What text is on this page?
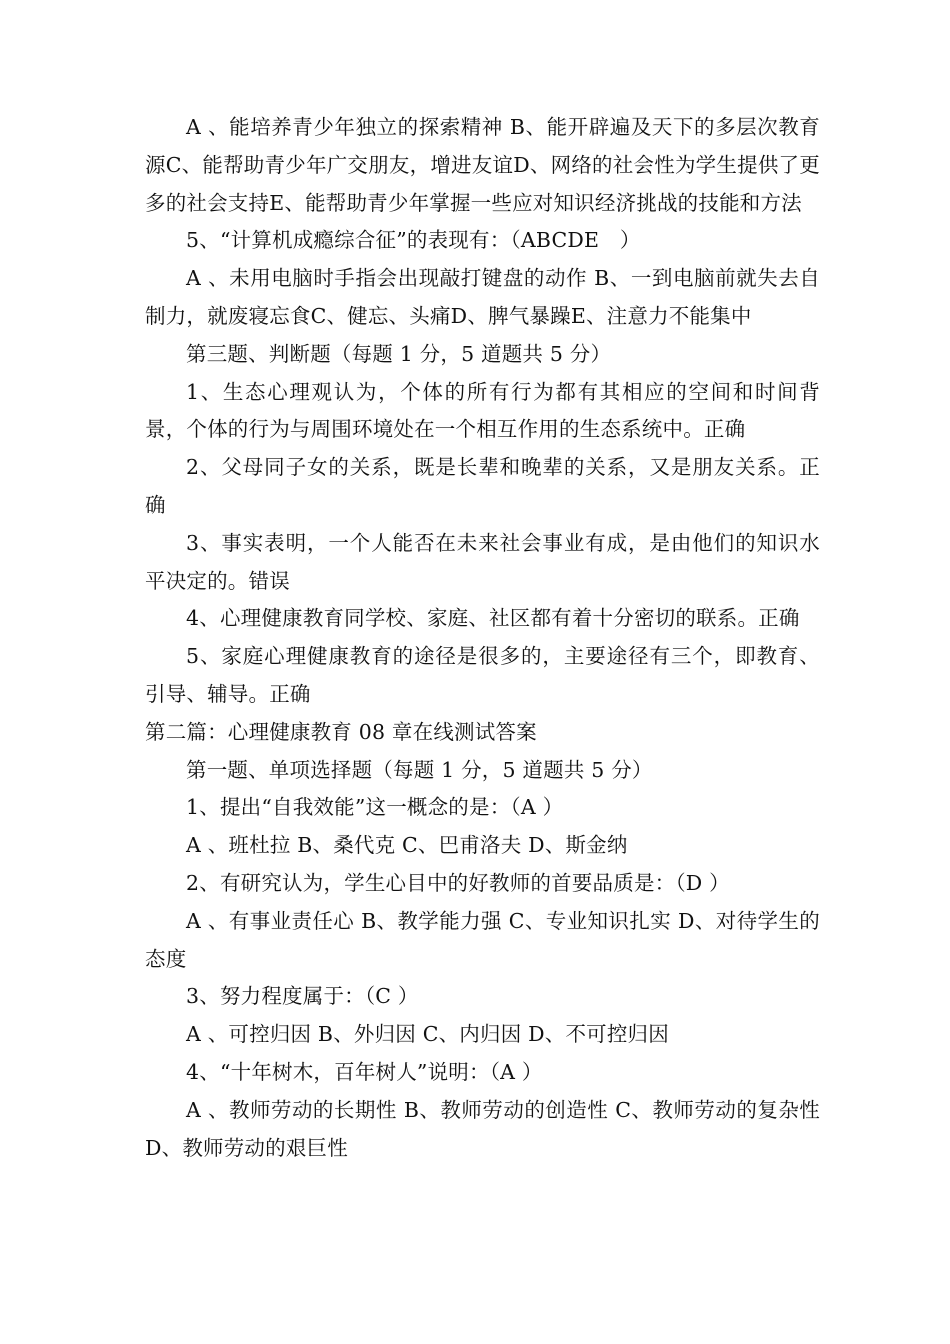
A 、能培养青少年独立的探索精神 B、能开辟遍及天下的多层次教育源C、能帮助青少年广交朋友，增进友谊D、网络的社会性为学生提供了更多的社会支持E、能帮助青少年掌握一些应对知识经济挑战的技能和方法

5、“计算机成瘾综合征”的表现有：（ABCDE　）

A 、未用电脑时手指会出现敲打键盘的动作 B、一到电脑前就失去自制力，就废寝忘食C、健忘、头痛D、脾气暴躁E、注意力不能集中

第三题、判断题（每题 1 分，5 道题共 5 分）

1、生态心理观认为，个体的所有行为都有其相应的空间和时间背景，个体的行为与周围环境处在一个相互作用的生态系统中。正确

2、父母同子女的关系，既是长辈和晚辈的关系，又是朋友关系。正确

3、事实表明，一个人能否在未来社会事业有成，是由他们的知识水平决定的。错误

4、心理健康教育同学校、家庭、社区都有着十分密切的联系。正确

5、家庭心理健康教育的途径是很多的，主要途径有三个，即教育、引导、辅导。正确

第二篇：心理健康教育 08 章在线测试答案

第一题、单项选择题（每题 1 分，5 道题共 5 分）

1、提出“自我效能”这一概念的是：（A ）

A 、班杜拉 B、桑代克 C、巴甫洛夫 D、斯金纳

2、有研究认为，学生心目中的好教师的首要品质是：（D ）

A 、有事业责任心 B、教学能力强 C、专业知识扎实 D、对待学生的态度

3、努力程度属于：（C ）

A 、可控归因 B、外归因 C、内归因 D、不可控归因

4、“十年树木，百年树人”说明：（A ）

A 、教师劳动的长期性 B、教师劳动的创造性 C、教师劳动的复杂性 D、教师劳动的艰巨性
